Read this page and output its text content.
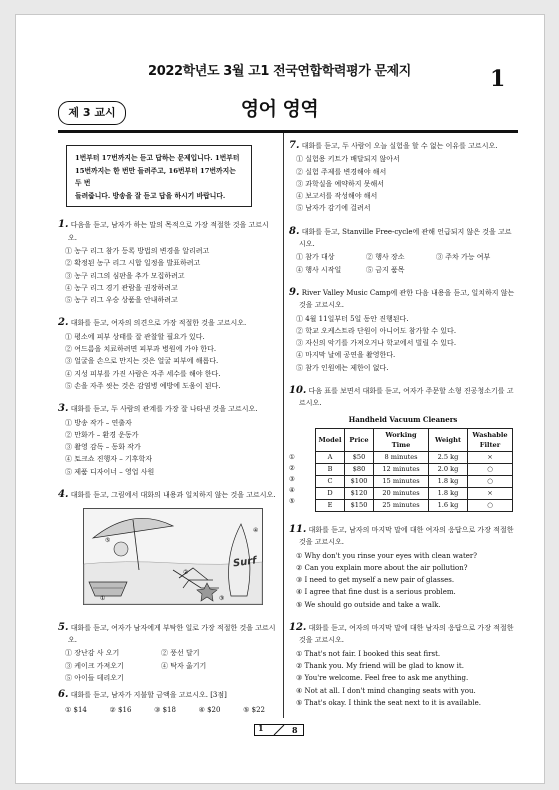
2022학년도 3월 고1 전국연합학력평가 문제지	1
제 3 교시	영어 영역
1번부터 17번까지는 듣고 답하는 문제입니다. 1번부터
15번까지는 한 번만 들려주고, 16번부터 17번까지는 두 번
들려줍니다. 방송을 잘 듣고 답을 하시기 바랍니다.
1. 다음을 듣고, 남자가 하는 말의 목적으로 가장 적절한 것을 고르시오.
① 농구 리그 참가 등록 방법의 변경을 알리려고
② 확정된 농구 리그 시합 일정을 발표하려고
③ 농구 리그의 심판을 추가 모집하려고
④ 농구 리그 경기 관람을 권장하려고
⑤ 농구 리그 우승 상품을 안내하려고
2. 대화를 듣고, 여자의 의견으로 가장 적절한 것을 고르시오.
① 평소에 피부 상태를 잘 관찰할 필요가 있다.
② 여드름을 치료하려면 피부과 병원에 가야 한다.
③ 얼굴을 손으로 만지는 것은 얼굴 피부에 해롭다.
④ 지성 피부를 가진 사람은 자주 세수를 해야 한다.
⑤ 손을 자주 씻는 것은 감염병 예방에 도움이 된다.
3. 대화를 듣고, 두 사람의 관계를 가장 잘 나타낸 것을 고르시오.
① 방송 작가 – 연출자
② 만화가 – 환경 운동가
③ 촬영 감독 – 동화 작가
④ 토크쇼 진행자 – 기후학자
⑤ 제품 디자이너 – 영업 사원
4. 대화를 듣고, 그림에서 대화의 내용과 일치하지 않는 것을 고르시오.
Surf
⑤
①
②
③
④
5. 대화를 듣고, 여자가 남자에게 부탁한 일로 가장 적절한 것을 고르시오.
① 장난감 사 오기	② 풍선 달기 ③ 케이크 가져오기	④ 탁자 옮기기 ⑤ 아이들 데리오기
6. 대화를 듣고, 남자가 지불할 금액을 고르시오. [3점]
① $14	② $16	③ $18	④ $20	⑤ $22
7. 대화를 듣고, 두 사람이 오늘 실험을 할 수 없는 이유를 고르시오.
① 실험용 키트가 배달되지 않아서
② 실험 주제를 변경해야 해서
③ 과학실을 예약하지 못해서
④ 보고서를 작성해야 해서
⑤ 남자가 감기에 걸려서
8. 대화를 듣고, Stanville Free-cycle에 관해 언급되지 않은 것을 고르시오.
① 참가 대상	② 행사 장소	③ 주차 가능 여부
④ 행사 시작일	⑤ 금지 품목
9. River Valley Music Camp에 관한 다음 내용을 듣고, 일치하지 않는 것을 고르시오.
① 4월 11일부터 5일 동안 진행된다.
② 학교 오케스트라 단원이 아니어도 참가할 수 있다.
③ 자신의 악기를 가져오거나 학교에서 빌릴 수 있다.
④ 마지막 날에 공연을 촬영한다.
⑤ 참가 인원에는 제한이 없다.
10. 다음 표를 보면서 대화를 듣고, 여자가 주문할 소형 진공청소기를 고르시오.
Handheld Vacuum Cleaners
①
②
③
④
⑤
Model	Price	Working Time	Weight	Washable Filter
A	$50	8 minutes	2.5 kg	×
B	$80	12 minutes	2.0 kg	○
C	$100	15 minutes	1.8 kg	○
D	$120	20 minutes	1.8 kg	×
E	$150	25 minutes	1.6 kg	○
11. 대화를 듣고, 남자의 마지막 말에 대한 여자의 응답으로 가장 적절한 것을 고르시오.
① Why don't you rinse your eyes with clean water?
② Can you explain more about the air pollution?
③ I need to get myself a new pair of glasses.
④ I agree that fine dust is a serious problem.
⑤ We should go outside and take a walk.
12. 대화를 듣고, 여자의 마지막 말에 대한 남자의 응답으로 가장 적절한 것을 고르시오.
① That's not fair. I booked this seat first.
② Thank you. My friend will be glad to know it.
③ You're welcome. Feel free to ask me anything.
④ Not at all. I don't mind changing seats with you.
⑤ That's okay. I think the seat next to it is available.
1	8
